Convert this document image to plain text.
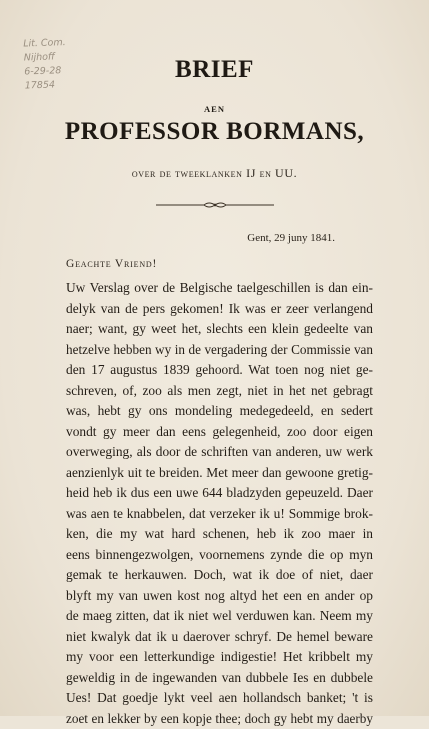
Lit. Com.
Nijhoff
6-29-28
17854
BRIEF
AEN
PROFESSOR BORMANS,
over de tweeklanken IJ en UU.
Gent, 29 juny 1841.
Geachte Vriend!
Uw Verslag over de Belgische taelgeschillen is dan ein-
delyk van de pers gekomen! Ik was er zeer verlangend
naer; want, gy weet het, slechts een klein gedeelte van
hetzelve hebben wy in de vergadering der Commissie van
den 17 augustus 1839 gehoord. Wat toen nog niet ge-
schreven, of, zoo als men zegt, niet in het net gebragt
was, hebt gy ons mondeling medegedeeld, en sedert
vondt gy meer dan eens gelegenheid, zoo door eigen
overweging, als door de schriften van anderen, uw werk
aenzienlyk uit te breiden. Met meer dan gewoone gretig-
heid heb ik dus een uwe 644 bladzyden gepeuzeld. Daer
was aen te knabbelen, dat verzeker ik u! Sommige brok-
ken, die my wat hard schenen, heb ik zoo maer in
eens binnengezwolgen, voornemens zynde die op myn
gemak te herkauwen. Doch, wat ik doe of niet, daer
blyft my van uwen kost nog altyd het een en ander op
de maeg zitten, dat ik niet wel verduwen kan. Neem my
niet kwalyk dat ik u daerover schryf. De hemel beware
my voor een letterkundige indigestie! Het kribbelt my
geweldig in de ingewanden van dubbele Ies en dubbele
Ues! Dat goedje lykt veel aen hollandsch banket; 't is
zoet en lekker by een kopje thee; doch gy hebt my daerby
